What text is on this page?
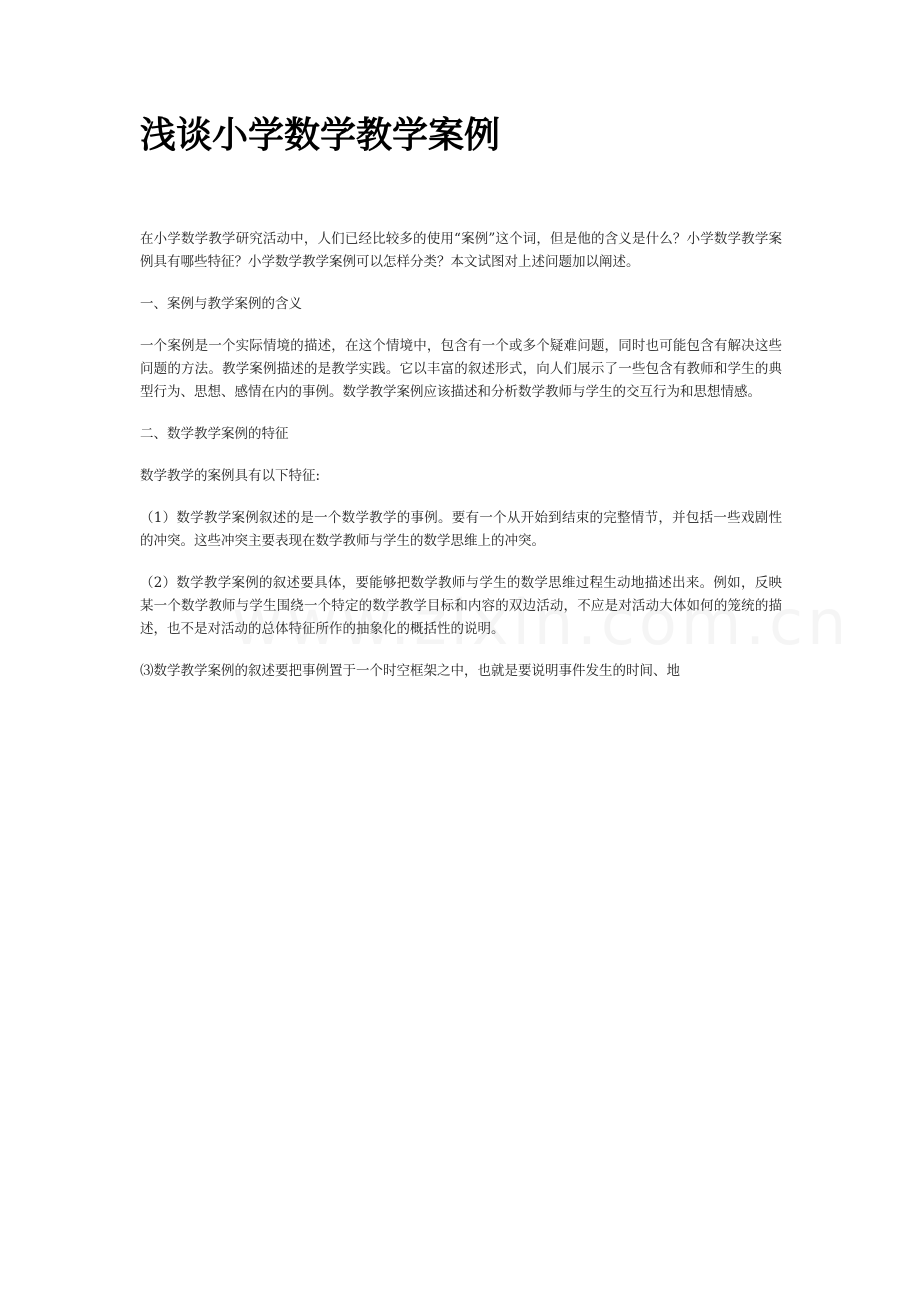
浅谈小学数学教学案例

在小学数学教学研究活动中，人们已经比较多的使用“案例”这个词，但是他的含义是什么？小学数学教学案例具有哪些特征？小学数学教学案例可以怎样分类？本文试图对上述问题加以阐述。

一、案例与教学案例的含义

一个案例是一个实际情境的描述，在这个情境中，包含有一个或多个疑难问题，同时也可能包含有解决这些问题的方法。教学案例描述的是教学实践。它以丰富的叙述形式，向人们展示了一些包含有教师和学生的典型行为、思想、感情在内的事例。数学教学案例应该描述和分析数学教师与学生的交互行为和思想情感。

二、数学教学案例的特征

数学教学的案例具有以下特征:

（1）数学教学案例叙述的是一个数学教学的事例。要有一个从开始到结束的完整情节，并包括一些戏剧性的冲突。这些冲突主要表现在数学教师与学生的数学思维上的冲突。

（2）数学教学案例的叙述要具体，要能够把数学教师与学生的数学思维过程生动地描述出来。例如，反映某一个数学教师与学生围绕一个特定的数学教学目标和内容的双边活动，不应是对活动大体如何的笼统的描述，也不是对活动的总体特征所作的抽象化的概括性的说明。

⑶数学教学案例的叙述要把事例置于一个时空框架之中，也就是要说明事件发生的时间、地
